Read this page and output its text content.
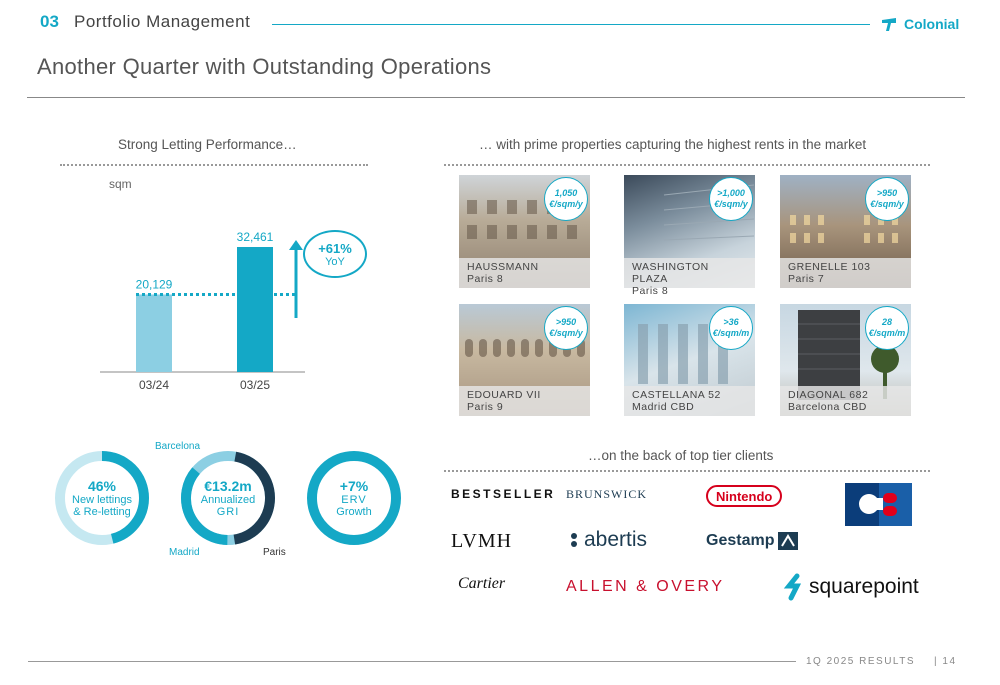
03 Portfolio Management	Colonial
Another Quarter with Outstanding Operations
Strong Letting Performance…
sqm
20,129
03/24
32,461
03/25
+61%
YoY
46%
New lettings
& Re-letting
Barcelona
€13.2m
Annualized
GRI
Madrid	Paris
+7%
ERV
Growth
… with prime properties capturing the highest rents in the market
HAUSSMANN
Paris 8
1,050
€/sqm/y
WASHINGTON PLAZA
Paris 8
>1,000
€/sqm/y
GRENELLE 103
Paris 7
>950
€/sqm/y
EDOUARD VII
Paris 9
>950
€/sqm/y
CASTELLANA 52
Madrid CBD
>36
€/sqm/m
DIAGONAL 682
Barcelona CBD
28
€/sqm/m
…on the back of top tier clients
BESTSELLER BRUNSWICK	Nintendo
LVMH	abertis	Gestamp
Cartier	ALLEN & OVERY	squarepoint
1Q 2025 RESULTS | 14
